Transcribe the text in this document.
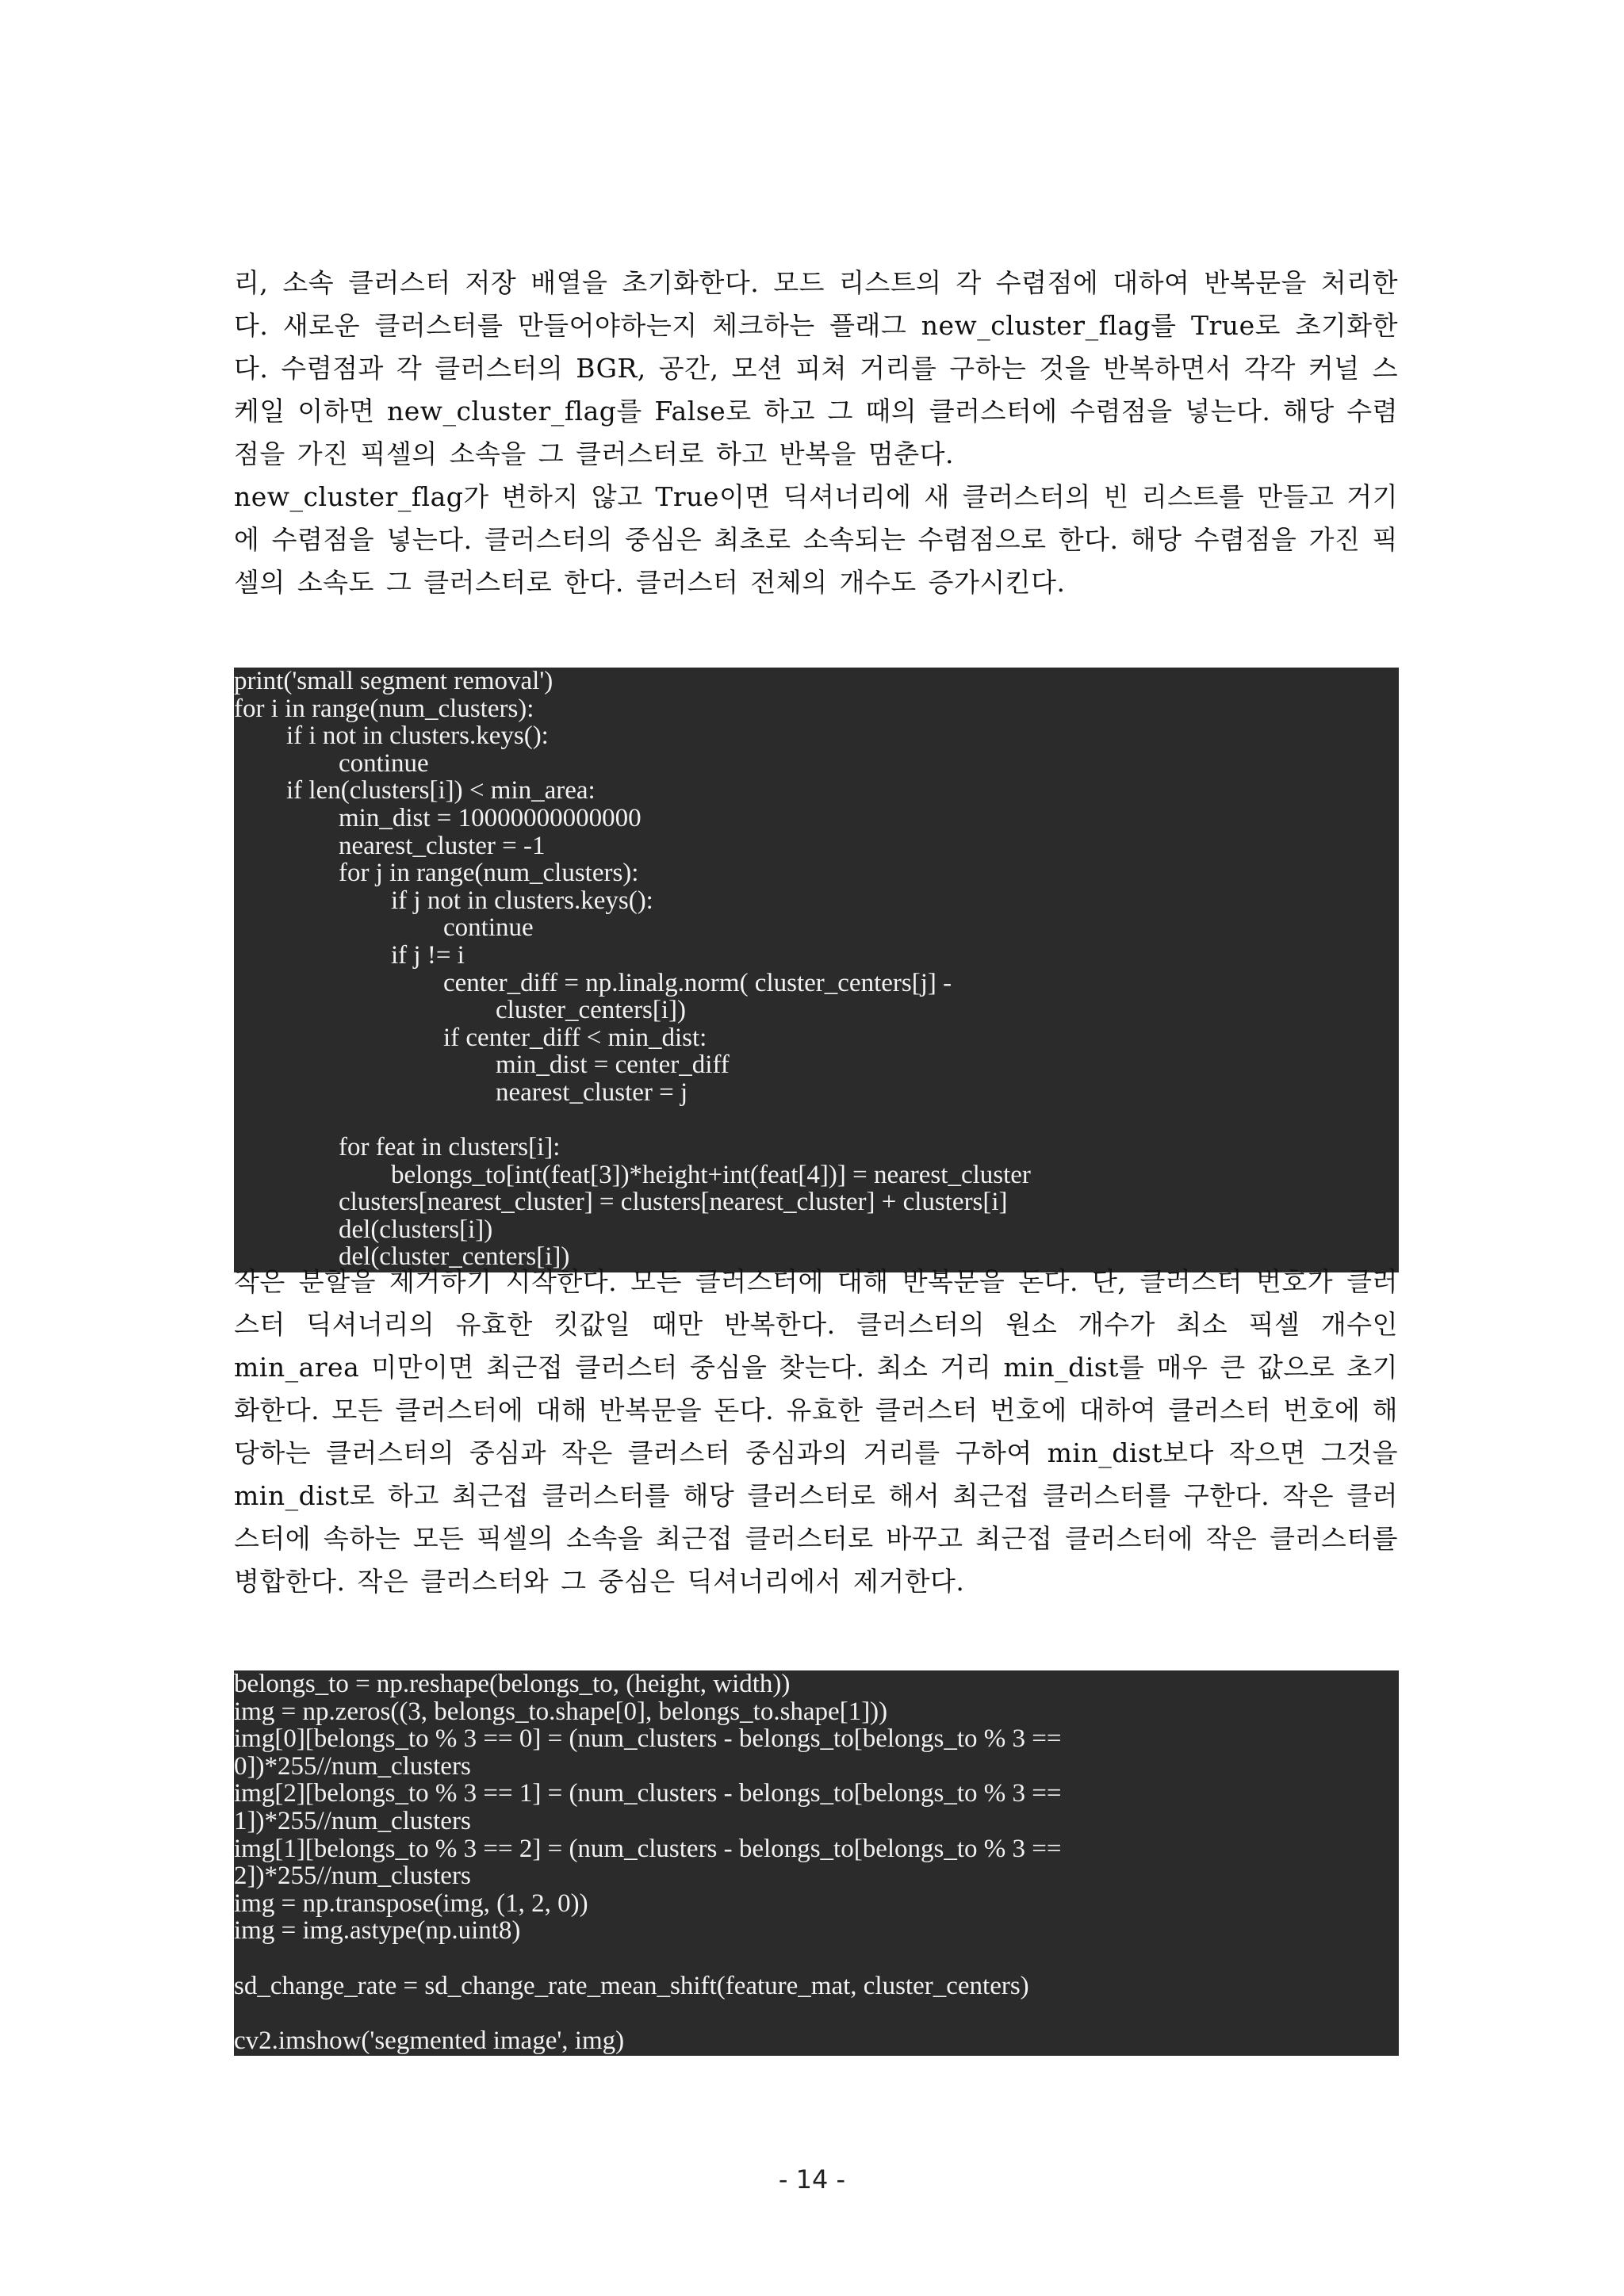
리, 소속 클러스터 저장 배열을 초기화한다. 모드 리스트의 각 수렴점에 대하여 반복문을 처리한다. 새로운 클러스터를 만들어야하는지 체크하는 플래그 new_cluster_flag를 True로 초기화한다. 수렴점과 각 클러스터의 BGR, 공간, 모션 피쳐 거리를 구하는 것을 반복하면서 각각 커널 스케일 이하면 new_cluster_flag를 False로 하고 그 때의 클러스터에 수렴점을 넣는다. 해당 수렴점을 가진 픽셀의 소속을 그 클러스터로 하고 반복을 멈춘다.
new_cluster_flag가 변하지 않고 True이면 딕셔너리에 새 클러스터의 빈 리스트를 만들고 거기에 수렴점을 넣는다. 클러스터의 중심은 최초로 소속되는 수렴점으로 한다. 해당 수렴점을 가진 픽셀의 소속도 그 클러스터로 한다. 클러스터 전체의 개수도 증가시킨다.

print('small segment removal')
for i in range(num_clusters):
if i not in clusters.keys():
continue
if len(clusters[i]) < min_area:
min_dist = 10000000000000
nearest_cluster = -1
for j in range(num_clusters):
if j not in clusters.keys():
continue
if j != i
center_diff = np.linalg.norm( cluster_centers[j] -
cluster_centers[i])
if center_diff < min_dist:
min_dist = center_diff
nearest_cluster = j

for feat in clusters[i]:
belongs_to[int(feat[3])*height+int(feat[4])] = nearest_cluster
clusters[nearest_cluster] = clusters[nearest_cluster] + clusters[i]
del(clusters[i])
del(cluster_centers[i])

작은 분할을 제거하기 시작한다. 모든 클러스터에 대해 반복문을 돈다. 단, 클러스터 번호가 클러스터 딕셔너리의 유효한 킷값일 때만 반복한다. 클러스터의 원소 개수가 최소 픽셀 개수인 min_area 미만이면 최근접 클러스터 중심을 찾는다. 최소 거리 min_dist를 매우 큰 값으로 초기화한다. 모든 클러스터에 대해 반복문을 돈다. 유효한 클러스터 번호에 대하여 클러스터 번호에 해당하는 클러스터의 중심과 작은 클러스터 중심과의 거리를 구하여 min_dist보다 작으면 그것을 min_dist로 하고 최근접 클러스터를 해당 클러스터로 해서 최근접 클러스터를 구한다. 작은 클러스터에 속하는 모든 픽셀의 소속을 최근접 클러스터로 바꾸고 최근접 클러스터에 작은 클러스터를 병합한다. 작은 클러스터와 그 중심은 딕셔너리에서 제거한다.

belongs_to = np.reshape(belongs_to, (height, width))
img = np.zeros((3, belongs_to.shape[0], belongs_to.shape[1]))
img[0][belongs_to % 3 == 0] = (num_clusters - belongs_to[belongs_to % 3 ==
0])*255//num_clusters
img[2][belongs_to % 3 == 1] = (num_clusters - belongs_to[belongs_to % 3 ==
1])*255//num_clusters
img[1][belongs_to % 3 == 2] = (num_clusters - belongs_to[belongs_to % 3 ==
2])*255//num_clusters
img = np.transpose(img, (1, 2, 0))
img = img.astype(np.uint8)

sd_change_rate = sd_change_rate_mean_shift(feature_mat, cluster_centers)

cv2.imshow('segmented image', img)
- 14 -
